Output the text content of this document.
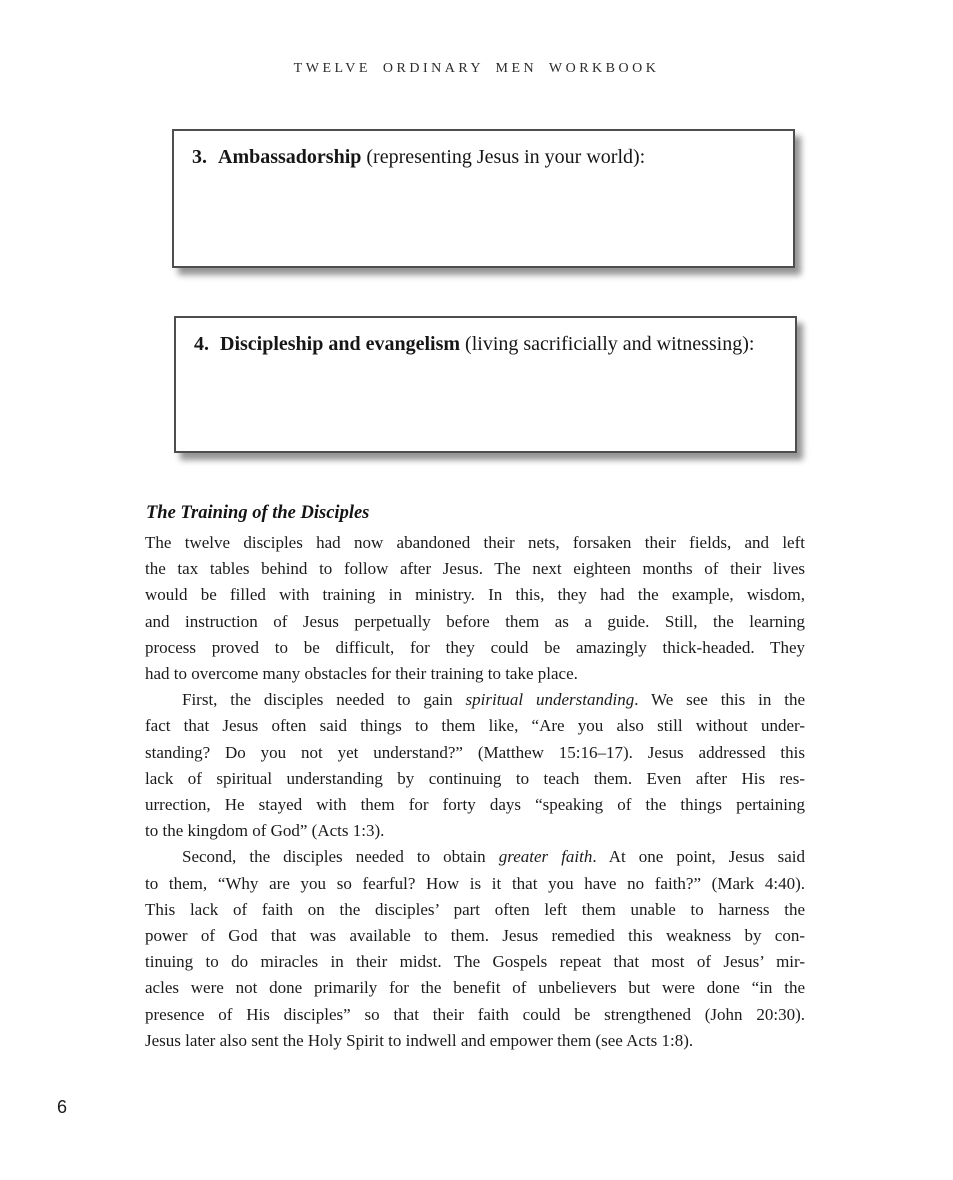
TWELVE ORDINARY MEN WORKBOOK
3. Ambassadorship (representing Jesus in your world):
4. Discipleship and evangelism (living sacrificially and witnessing):
The Training of the Disciples
The twelve disciples had now abandoned their nets, forsaken their fields, and left
the tax tables behind to follow after Jesus. The next eighteen months of their lives
would be filled with training in ministry. In this, they had the example, wisdom,
and instruction of Jesus perpetually before them as a guide. Still, the learning
process proved to be difficult, for they could be amazingly thick-headed. They
had to overcome many obstacles for their training to take place.
First, the disciples needed to gain spiritual understanding. We see this in the
fact that Jesus often said things to them like, “Are you also still without under-
standing? Do you not yet understand?” (Matthew 15:16–17). Jesus addressed this
lack of spiritual understanding by continuing to teach them. Even after His res-
urrection, He stayed with them for forty days “speaking of the things pertaining
to the kingdom of God” (Acts 1:3).
Second, the disciples needed to obtain greater faith. At one point, Jesus said
to them, “Why are you so fearful? How is it that you have no faith?” (Mark 4:40).
This lack of faith on the disciples’ part often left them unable to harness the
power of God that was available to them. Jesus remedied this weakness by con-
tinuing to do miracles in their midst. The Gospels repeat that most of Jesus’ mir-
acles were not done primarily for the benefit of unbelievers but were done “in the
presence of His disciples” so that their faith could be strengthened (John 20:30).
Jesus later also sent the Holy Spirit to indwell and empower them (see Acts 1:8).
6
